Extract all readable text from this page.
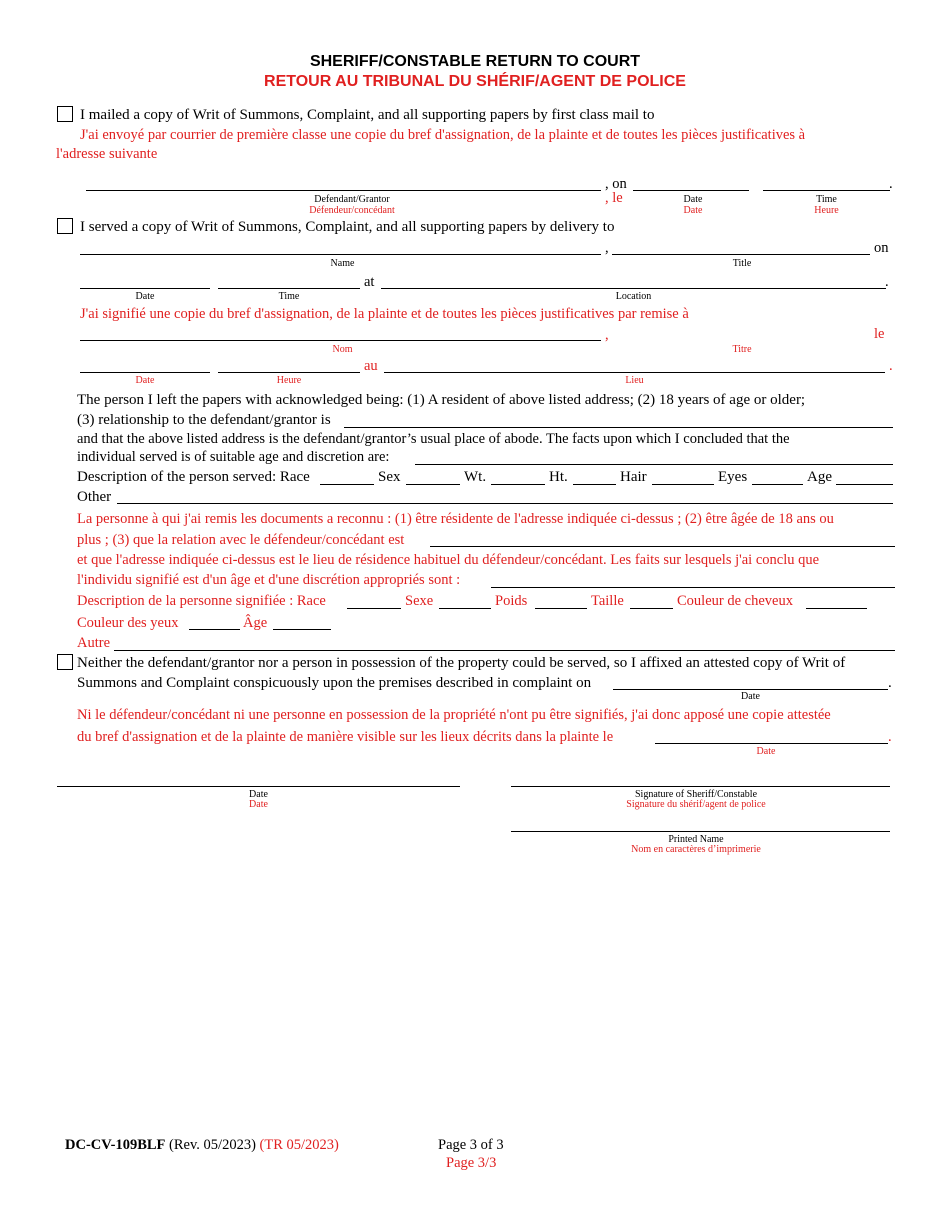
SHERIFF/CONSTABLE RETURN TO COURT
RETOUR AU TRIBUNAL DU SHÉRIF/AGENT DE POLICE
I mailed a copy of Writ of Summons, Complaint, and all supporting papers by first class mail to
J'ai envoyé par courrier de première classe une copie du bref d'assignation, de la plainte et de toutes les pièces justificatives à
l'adresse suivante
, on
, le
.
Defendant/Grantor
Défendeur/concédant
Date
Date
Time
Heure
I served a copy of Writ of Summons, Complaint, and all supporting papers by delivery to
,	on
Name	Title
at	.
Date	Time	Location
J'ai signifié une copie du bref d'assignation, de la plainte et de toutes les pièces justificatives par remise à
,	le
Nom	Titre
au	.
Date	Heure	Lieu
The person I left the papers with acknowledged being: (1) A resident of above listed address; (2) 18 years of age or older;
(3) relationship to the defendant/grantor is
and that the above listed address is the defendant/grantor’s usual place of abode. The facts upon which I concluded that the
individual served is of suitable age and discretion are:
Description of the person served: Race	Sex	Wt.	Ht.	Hair	Eyes	Age
Other
La personne à qui j'ai remis les documents a reconnu : (1) être résidente de l'adresse indiquée ci-dessus ; (2) être âgée de 18 ans ou
plus ; (3) que la relation avec le défendeur/concédant est
et que l'adresse indiquée ci-dessus est le lieu de résidence habituel du défendeur/concédant. Les faits sur lesquels j'ai conclu que
l'individu signifié est d'un âge et d'une discrétion appropriés sont :
Description de la personne signifiée : Race	Sexe	Poids	Taille	Couleur de cheveux
Couleur des yeux	Âge
Autre
Neither the defendant/grantor nor a person in possession of the property could be served, so I affixed an attested copy of Writ of
Summons and Complaint conspicuously upon the premises described in complaint on	.
Date
Ni le défendeur/concédant ni une personne en possession de la propriété n'ont pu être signifiés, j'ai donc apposé une copie attestée
du bref d'assignation et de la plainte de manière visible sur les lieux décrits dans la plainte le	.
Date
Date
Date
Signature of Sheriff/Constable
Signature du shérif/agent de police
Printed Name
Nom en caractères d’imprimerie
DC-CV-109BLF (Rev. 05/2023) (TR 05/2023)	Page 3 of 3
Page 3/3
